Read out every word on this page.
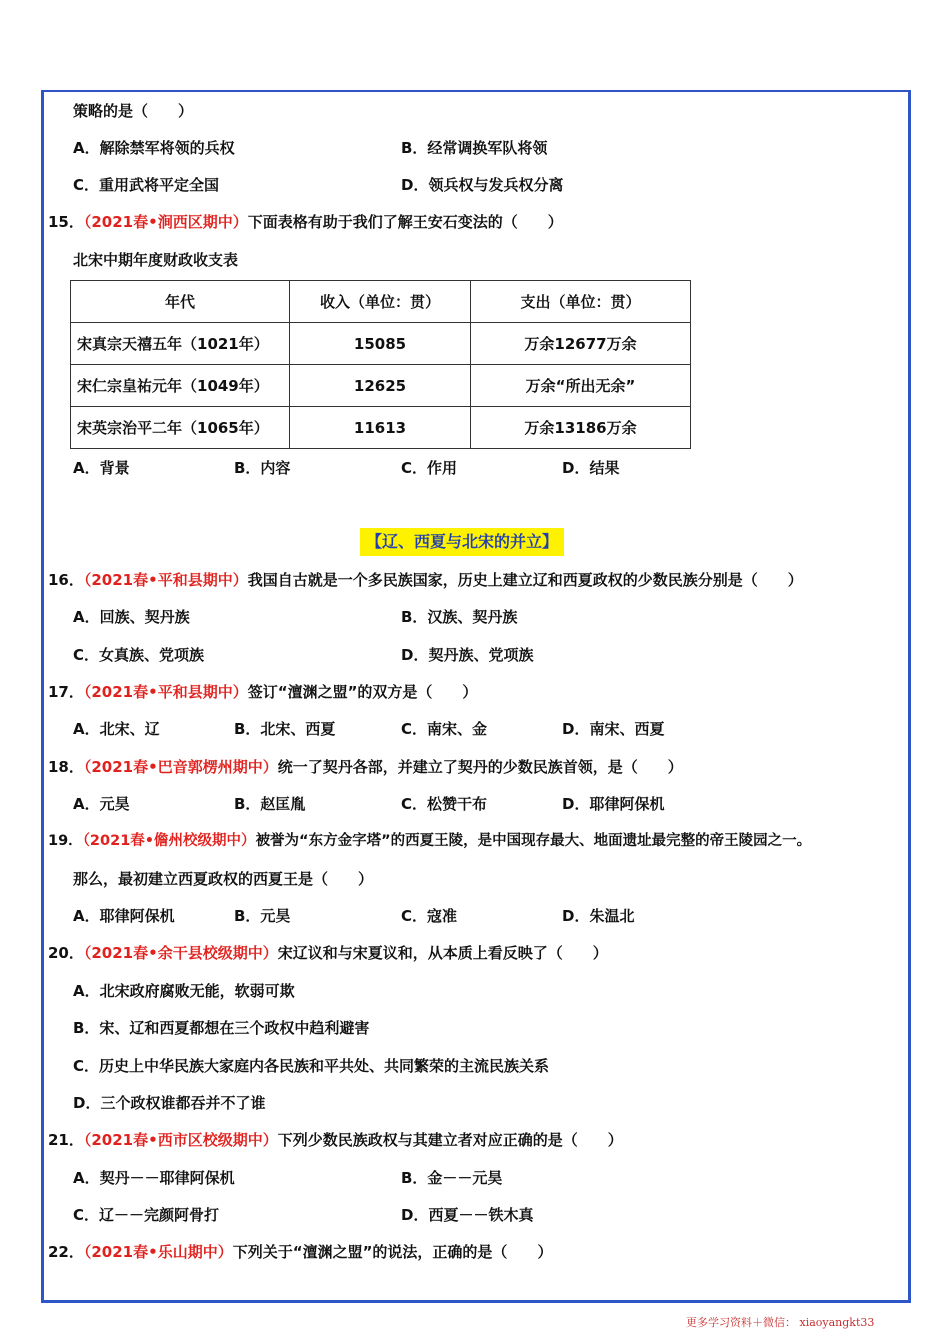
策略的是（　　）
A．解除禁军将领的兵权	B．经常调换军队将领
C．重用武将平定全国	D．领兵权与发兵权分离
15．（2021春•涧西区期中）下面表格有助于我们了解王安石变法的（　　）
北宋中期年度财政收支表
年代	收入（单位：贯）	支出（单位：贯）
宋真宗天禧五年（1021年）	15085	万余12677万余
宋仁宗皇祐元年（1049年）	12625	万余“所出无余”
宋英宗治平二年（1065年）	11613	万余13186万余
A．背景	B．内容	C．作用	D．结果
【辽、西夏与北宋的并立】
16．（2021春•平和县期中）我国自古就是一个多民族国家，历史上建立辽和西夏政权的少数民族分别是（　　）
A．回族、契丹族	B．汉族、契丹族
C．女真族、党项族	D．契丹族、党项族
17．（2021春•平和县期中）签订“澶渊之盟”的双方是（　　）
A．北宋、辽	B．北宋、西夏	C．南宋、金	D．南宋、西夏
18．（2021春•巴音郭楞州期中）统一了契丹各部，并建立了契丹的少数民族首领，是（　　）
A．元昊	B．赵匡胤	C．松赞干布	D．耶律阿保机
19．（2021春•儋州校级期中）被誉为“东方金字塔”的西夏王陵，是中国现存最大、地面遗址最完整的帝王陵园之一。
那么，最初建立西夏政权的西夏王是（　　）
A．耶律阿保机	B．元昊	C．寇准	D．朱温北
20．（2021春•余干县校级期中）宋辽议和与宋夏议和，从本质上看反映了（　　）
A．北宋政府腐败无能，软弱可欺
B．宋、辽和西夏都想在三个政权中趋利避害
C．历史上中华民族大家庭内各民族和平共处、共同繁荣的主流民族关系
D．三个政权谁都吞并不了谁
21．（2021春•西市区校级期中）下列少数民族政权与其建立者对应正确的是（　　）
A．契丹－－耶律阿保机	B．金－－元昊
C．辽－－完颜阿骨打	D．西夏－－铁木真
22．（2021春•乐山期中）下列关于“澶渊之盟”的说法，正确的是（　　）
更多学习资料＋微信： xiaoyangkt33
